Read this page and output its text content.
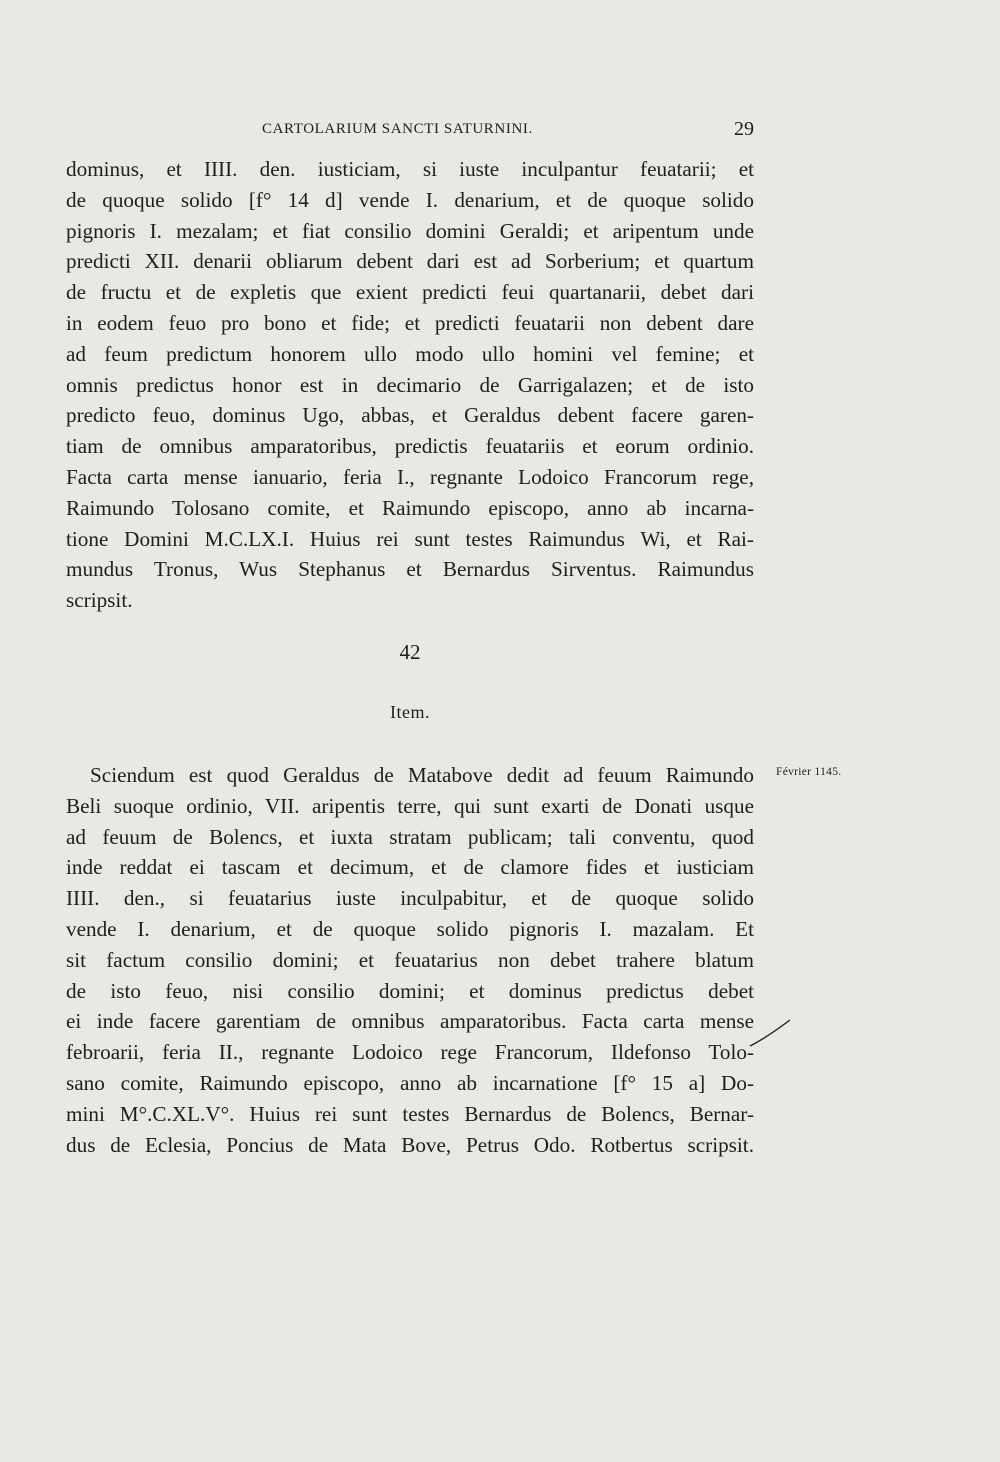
CARTOLARIUM SANCTI SATURNINI.	29
dominus, et IIII. den. iusticiam, si iuste inculpantur feuatarii; et
de quoque solido [f° 14 d] vende I. denarium, et de quoque solido
pignoris I. mezalam; et fiat consilio domini Geraldi; et aripentum unde
predicti XII. denarii obliarum debent dari est ad Sorberium; et quartum
de fructu et de expletis que exient predicti feui quartanarii, debet dari
in eodem feuo pro bono et fide; et predicti feuatarii non debent dare
ad feum predictum honorem ullo modo ullo homini vel femine; et
omnis predictus honor est in decimario de Garrigalazen; et de isto
predicto feuo, dominus Ugo, abbas, et Geraldus debent facere garen-
tiam de omnibus amparatoribus, predictis feuatariis et eorum ordinio.
Facta carta mense ianuario, feria I., regnante Lodoico Francorum rege,
Raimundo Tolosano comite, et Raimundo episcopo, anno ab incarna-
tione Domini M.C.LX.I. Huius rei sunt testes Raimundus Wi, et Rai-
mundus Tronus, Wus Stephanus et Bernardus Sirventus. Raimundus
scripsit.
42
Item.
Février 1145.
Sciendum est quod Geraldus de Matabove dedit ad feuum Raimundo
Beli suoque ordinio, VII. aripentis terre, qui sunt exarti de Donati usque
ad feuum de Bolencs, et iuxta stratam publicam; tali conventu, quod
inde reddat ei tascam et decimum, et de clamore fides et iusticiam
IIII. den., si feuatarius iuste inculpabitur, et de quoque solido
vende I. denarium, et de quoque solido pignoris I. mazalam. Et
sit factum consilio domini; et feuatarius non debet trahere blatum
de isto feuo, nisi consilio domini; et dominus predictus debet
ei inde facere garentiam de omnibus amparatoribus. Facta carta mense
febroarii, feria II., regnante Lodoico rege Francorum, Ildefonso Tolo-
sano comite, Raimundo episcopo, anno ab incarnatione [f° 15 a] Do-
mini M°.C.XL.V°. Huius rei sunt testes Bernardus de Bolencs, Bernar-
dus de Eclesia, Poncius de Mata Bove, Petrus Odo. Rotbertus scripsit.
